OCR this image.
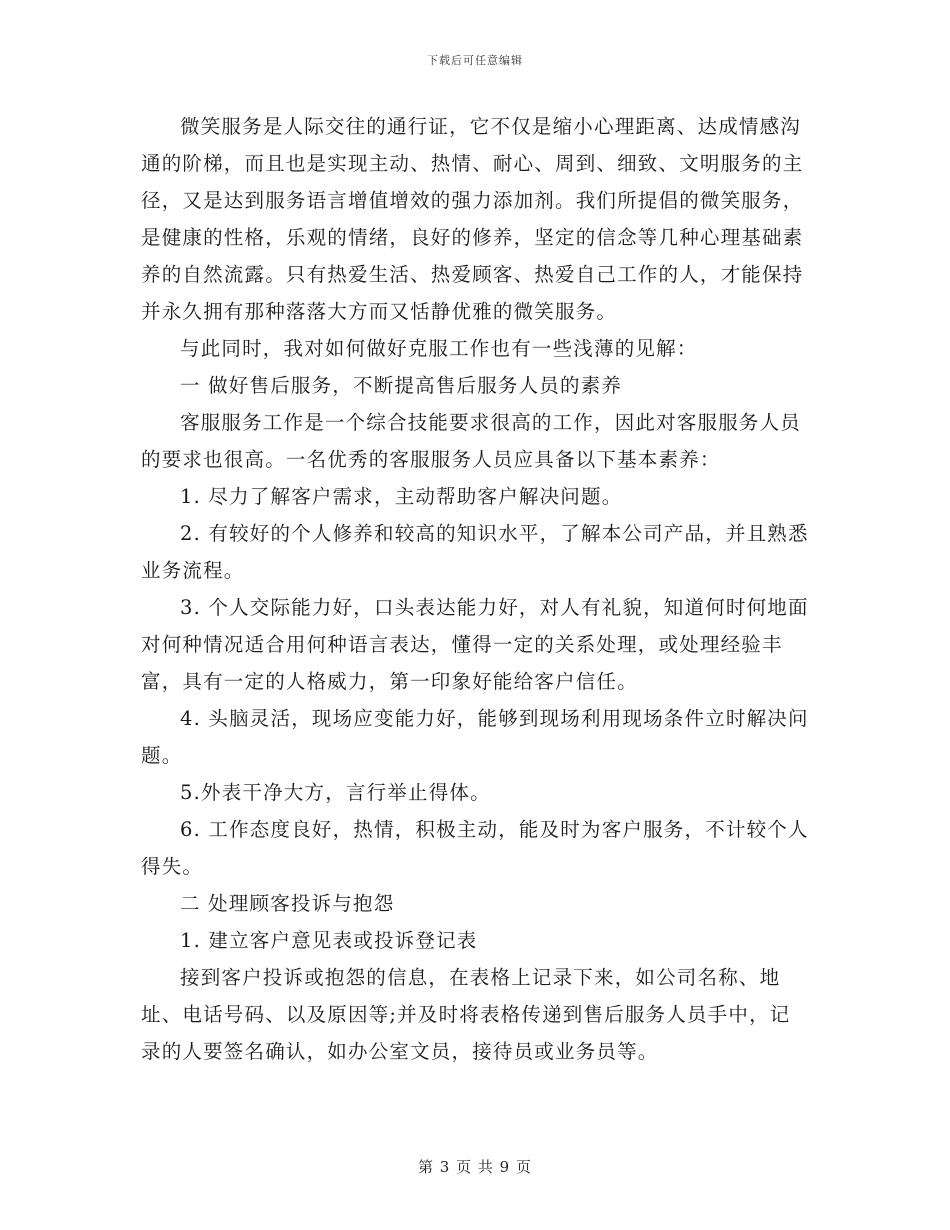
下载后可任意编辑

微笑服务是人际交往的通行证，它不仅是缩小心理距离、达成情感沟通的阶梯，而且也是实现主动、热情、耐心、周到、细致、文明服务的主径，又是达到服务语言增值增效的强力添加剂。我们所提倡的微笑服务，是健康的性格，乐观的情绪，良好的修养，坚定的信念等几种心理基础素养的自然流露。只有热爱生活、热爱顾客、热爱自己工作的人，才能保持并永久拥有那种落落大方而又恬静优雅的微笑服务。

与此同时，我对如何做好克服工作也有一些浅薄的见解：

一 做好售后服务，不断提高售后服务人员的素养

客服服务工作是一个综合技能要求很高的工作，因此对客服服务人员的要求也很高。一名优秀的客服服务人员应具备以下基本素养：

1. 尽力了解客户需求，主动帮助客户解决问题。

2. 有较好的个人修养和较高的知识水平，了解本公司产品，并且熟悉业务流程。

3. 个人交际能力好，口头表达能力好，对人有礼貌，知道何时何地面对何种情况适合用何种语言表达，懂得一定的关系处理，或处理经验丰富，具有一定的人格威力，第一印象好能给客户信任。

4. 头脑灵活，现场应变能力好，能够到现场利用现场条件立时解决问题。

5.外表干净大方，言行举止得体。

6. 工作态度良好，热情，积极主动，能及时为客户服务，不计较个人得失。

二 处理顾客投诉与抱怨

1. 建立客户意见表或投诉登记表

接到客户投诉或抱怨的信息，在表格上记录下来，如公司名称、地址、电话号码、以及原因等;并及时将表格传递到售后服务人员手中，记录的人要签名确认，如办公室文员，接待员或业务员等。

第 3 页 共 9 页
